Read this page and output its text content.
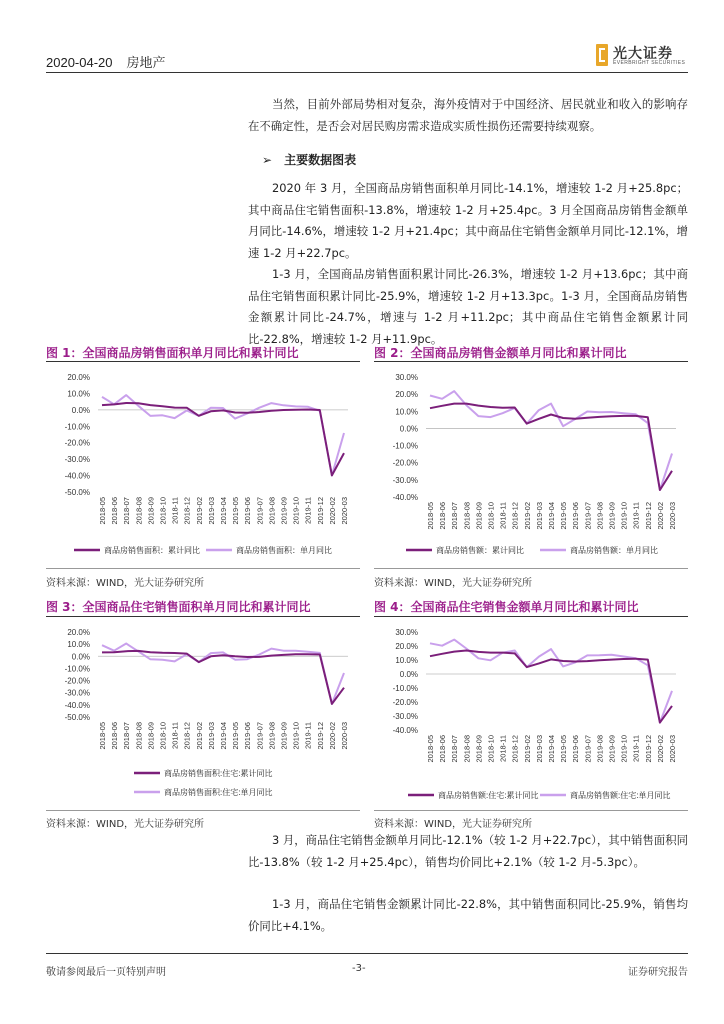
2020-04-20 房地产
光大证券
EVERBRIGHT SECURITIES

当然，目前外部局势相对复杂，海外疫情对于中国经济、居民就业和收入的影响存在不确定性，是否会对居民购房需求造成实质性损伤还需要持续观察。

➢ 主要数据图表

2020 年 3 月，全国商品房销售面积单月同比-14.1%，增速较 1-2 月+25.8pc；其中商品住宅销售面积-13.8%，增速较 1-2 月+25.4pc。3 月全国商品房销售金额单月同比-14.6%，增速较 1-2 月+21.4pc；其中商品住宅销售金额单月同比-12.1%，增速 1-2 月+22.7pc。

1-3 月，全国商品房销售面积累计同比-26.3%，增速较 1-2 月+13.6pc；其中商品住宅销售面积累计同比-25.9%，增速较 1-2 月+13.3pc。1-3 月，全国商品房销售金额累计同比-24.7%，增速与 1-2 月+11.2pc；其中商品住宅销售金额累计同比-22.8%，增速较 1-2 月+11.9pc。

图 1：全国商品房销售面积单月同比和累计同比
20.0%
10.0%
0.0%
-10.0%
-20.0%
-30.0%
-40.0%
-50.0%
2018-05 2018-06 2018-07 2018-08 2018-09 2018-10 2018-11 2018-12 2019-02 2019-03 2019-04 2019-05 2019-06 2019-07 2019-08 2019-09 2019-10 2019-11 2019-12 2020-02 2020-03
商品房销售面积：累计同比	商品房销售面积：单月同比
资料来源：WIND，光大证券研究所
图 2：全国商品房销售金额单月同比和累计同比
30.0%
20.0%
10.0%
0.0%
-10.0%
-20.0%
-30.0%
-40.0%
2018-05 2018-06 2018-07 2018-08 2018-09 2018-10 2018-11 2018-12 2019-02 2019-03 2019-04 2019-05 2019-06 2019-07 2019-08 2019-09 2019-10 2019-11 2019-12 2020-02 2020-03
商品房销售额：累计同比	商品房销售额：单月同比
资料来源：WIND，光大证券研究所
图 3：全国商品住宅销售面积单月同比和累计同比
20.0%
10.0%
0.0%
-10.0%
-20.0%
-30.0%
-40.0%
-50.0%
2018-05 2018-06 2018-07 2018-08 2018-09 2018-10 2018-11 2018-12 2019-02 2019-03 2019-04 2019-05 2019-06 2019-07 2019-08 2019-09 2019-10 2019-11 2019-12 2020-02 2020-03
商品房销售面积:住宅:累计同比
商品房销售面积:住宅:单月同比
资料来源：WIND，光大证券研究所
图 4：全国商品住宅销售金额单月同比和累计同比
30.0%
20.0%
10.0%
0.0%
-10.0%
-20.0%
-30.0%
-40.0%
2018-05 2018-06 2018-07 2018-08 2018-09 2018-10 2018-11 2018-12 2019-02 2019-03 2019-04 2019-05 2019-06 2019-07 2019-08 2019-09 2019-10 2019-11 2019-12 2020-02 2020-03
商品房销售额:住宅:累计同比	商品房销售额:住宅:单月同比
资料来源：WIND，光大证券研究所

3 月，商品住宅销售金额单月同比-12.1%（较 1-2 月+22.7pc），其中销售面积同比-13.8%（较 1-2 月+25.4pc），销售均价同比+2.1%（较 1-2 月-5.3pc）。

1-3 月，商品住宅销售金额累计同比-22.8%，其中销售面积同比-25.9%，销售均价同比+4.1%。

敬请参阅最后一页特别声明	-3-	证券研究报告
